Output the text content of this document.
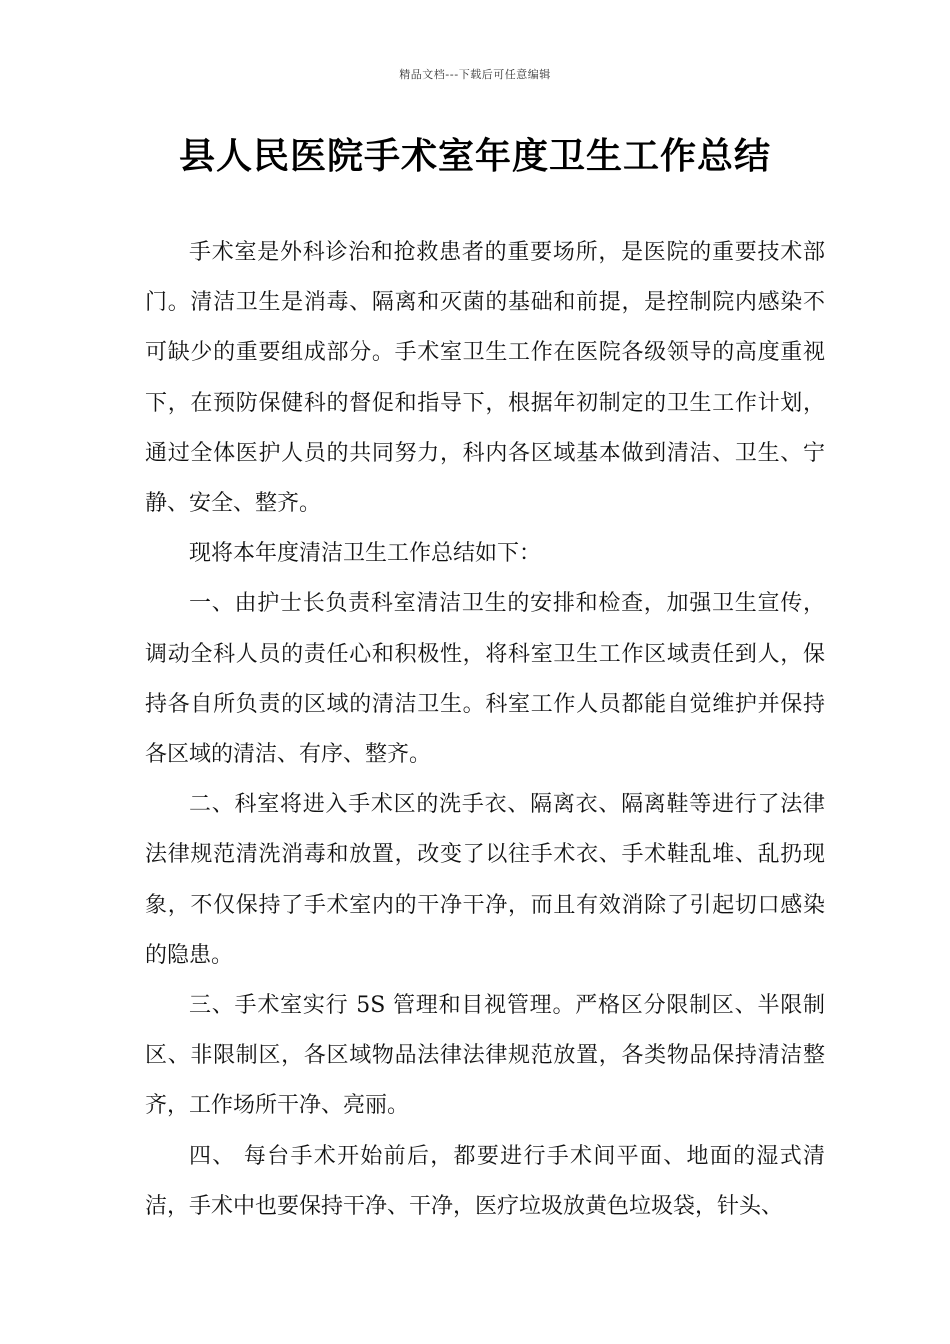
精品文档---下载后可任意编辑
县人民医院手术室年度卫生工作总结

手术室是外科诊治和抢救患者的重要场所，是医院的重要技术部门。清洁卫生是消毒、隔离和灭菌的基础和前提，是控制院内感染不可缺少的重要组成部分。手术室卫生工作在医院各级领导的高度重视下，在预防保健科的督促和指导下，根据年初制定的卫生工作计划，通过全体医护人员的共同努力，科内各区域基本做到清洁、卫生、宁静、安全、整齐。

现将本年度清洁卫生工作总结如下：

一、由护士长负责科室清洁卫生的安排和检查，加强卫生宣传，调动全科人员的责任心和积极性，将科室卫生工作区域责任到人，保持各自所负责的区域的清洁卫生。科室工作人员都能自觉维护并保持各区域的清洁、有序、整齐。

二、科室将进入手术区的洗手衣、隔离衣、隔离鞋等进行了法律法律规范清洗消毒和放置，改变了以往手术衣、手术鞋乱堆、乱扔现象，不仅保持了手术室内的干净干净，而且有效消除了引起切口感染的隐患。

三、手术室实行 5S 管理和目视管理。严格区分限制区、半限制区、非限制区，各区域物品法律法律规范放置，各类物品保持清洁整齐，工作场所干净、亮丽。

四、 每台手术开始前后，都要进行手术间平面、地面的湿式清洁，手术中也要保持干净、干净，医疗垃圾放黄色垃圾袋，针头、
